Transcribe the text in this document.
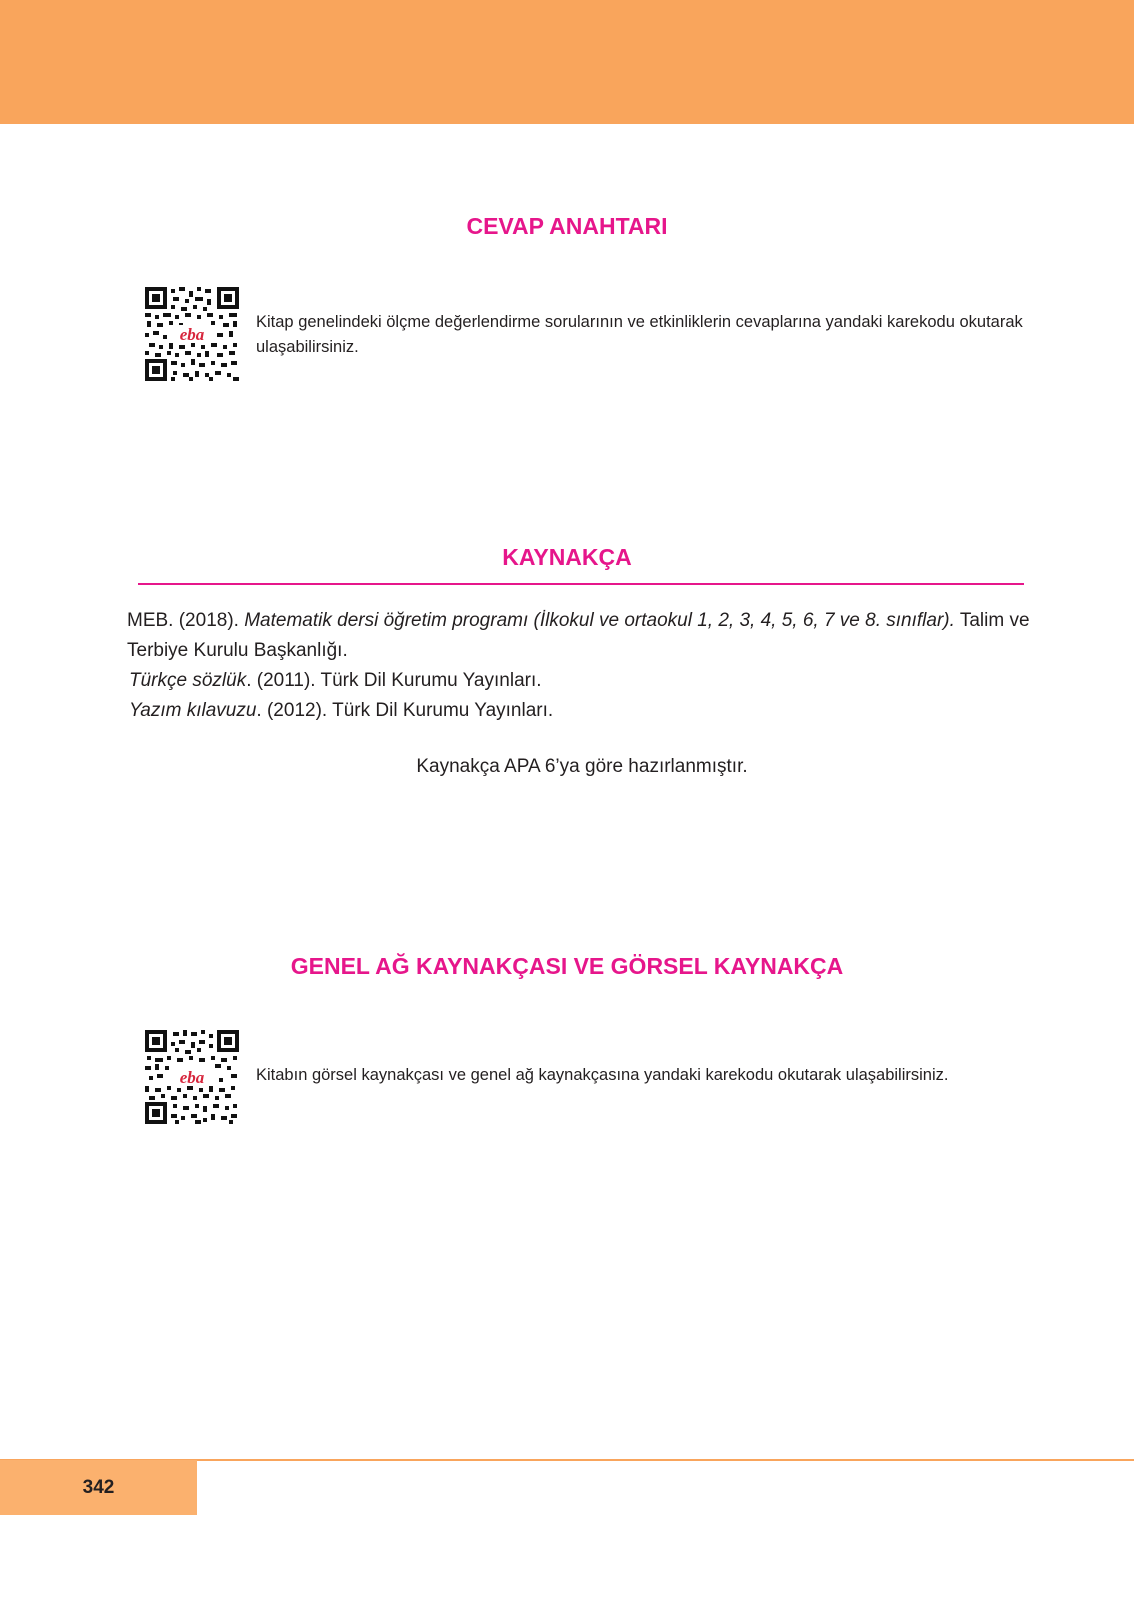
CEVAP ANAHTARI
eba

Kitap genelindeki ölçme değerlendirme sorularının ve etkinliklerin cevaplarına yandaki karekodu okutarak ulaşabilirsiniz.

KAYNAKÇA

MEB. (2018). Matematik dersi öğretim programı (İlkokul ve ortaokul 1, 2, 3, 4, 5, 6, 7 ve 8. sınıflar). Talim ve Terbiye Kurulu Başkanlığı.

Türkçe sözlük. (2011). Türk Dil Kurumu Yayınları.

Yazım kılavuzu. (2012). Türk Dil Kurumu Yayınları.

Kaynakça APA 6’ya göre hazırlanmıştır.

GENEL AĞ KAYNAKÇASI VE GÖRSEL KAYNAKÇA
eba	Kitabın görsel kaynakçası ve genel ağ kaynakçasına yandaki karekodu okutarak ulaşabilirsiniz.

342
